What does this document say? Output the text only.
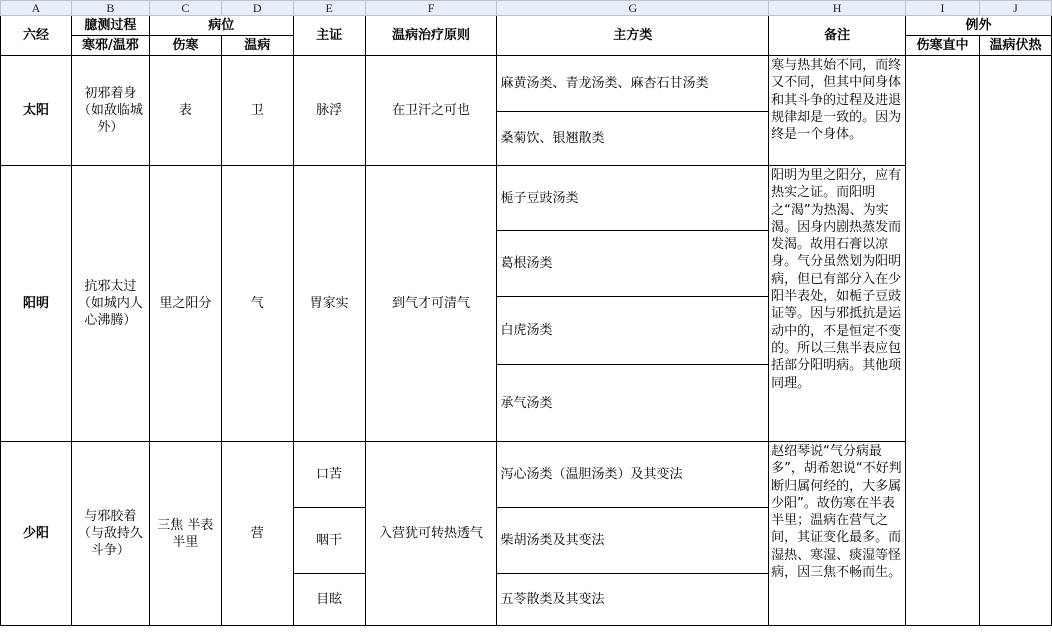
A	B	C	D	E	F	G	H	I	J
六经	臆测过程	病位		主证	温病治疗原则	主方类	备注	例外	
	寒邪/温邪	伤寒	温病					伤寒直中	温病伏热
太阳	初邪着身（如敌临城外）	表	卫	脉浮	在卫汗之可也	麻黄汤类、青龙汤类、麻杏石甘汤类	寒与热其始不同，而终又不同，但其中间身体和其斗争的过程及进退规律却是一致的。因为终是一个身体。		
						桑菊饮、银翘散类			
阳明	抗邪太过（如城内人心沸腾）	里之阳分	气	胃家实	到气才可清气	栀子豆豉汤类	阳明为里之阳分，应有热实之证。而阳明之“渴”为热渴、为实渴。因身内剧热蒸发而发渴。故用石膏以凉身。气分虽然划为阳明病，但已有部分入在少阳半表处，如栀子豆豉证等。因与邪抵抗是运动中的，不是恒定不变的。所以三焦半表应包括部分阳明病。其他项同理。		
						葛根汤类			
						白虎汤类			
						承气汤类			
少阳	与邪胶着（与敌持久斗争）	三焦 半表半里	营	口苦	入营犹可转热透气	泻心汤类（温胆汤类）及其变法	赵绍琴说“气分病最多”，胡希恕说“不好判断归属何经的，大多属少阳”。故伤寒在半表半里；温病在营气之间，其证变化最多。而湿热、寒湿、痰湿等怪病，因三焦不畅而生。		
				咽干		柴胡汤类及其变法			
				目眩		五苓散类及其变法			
